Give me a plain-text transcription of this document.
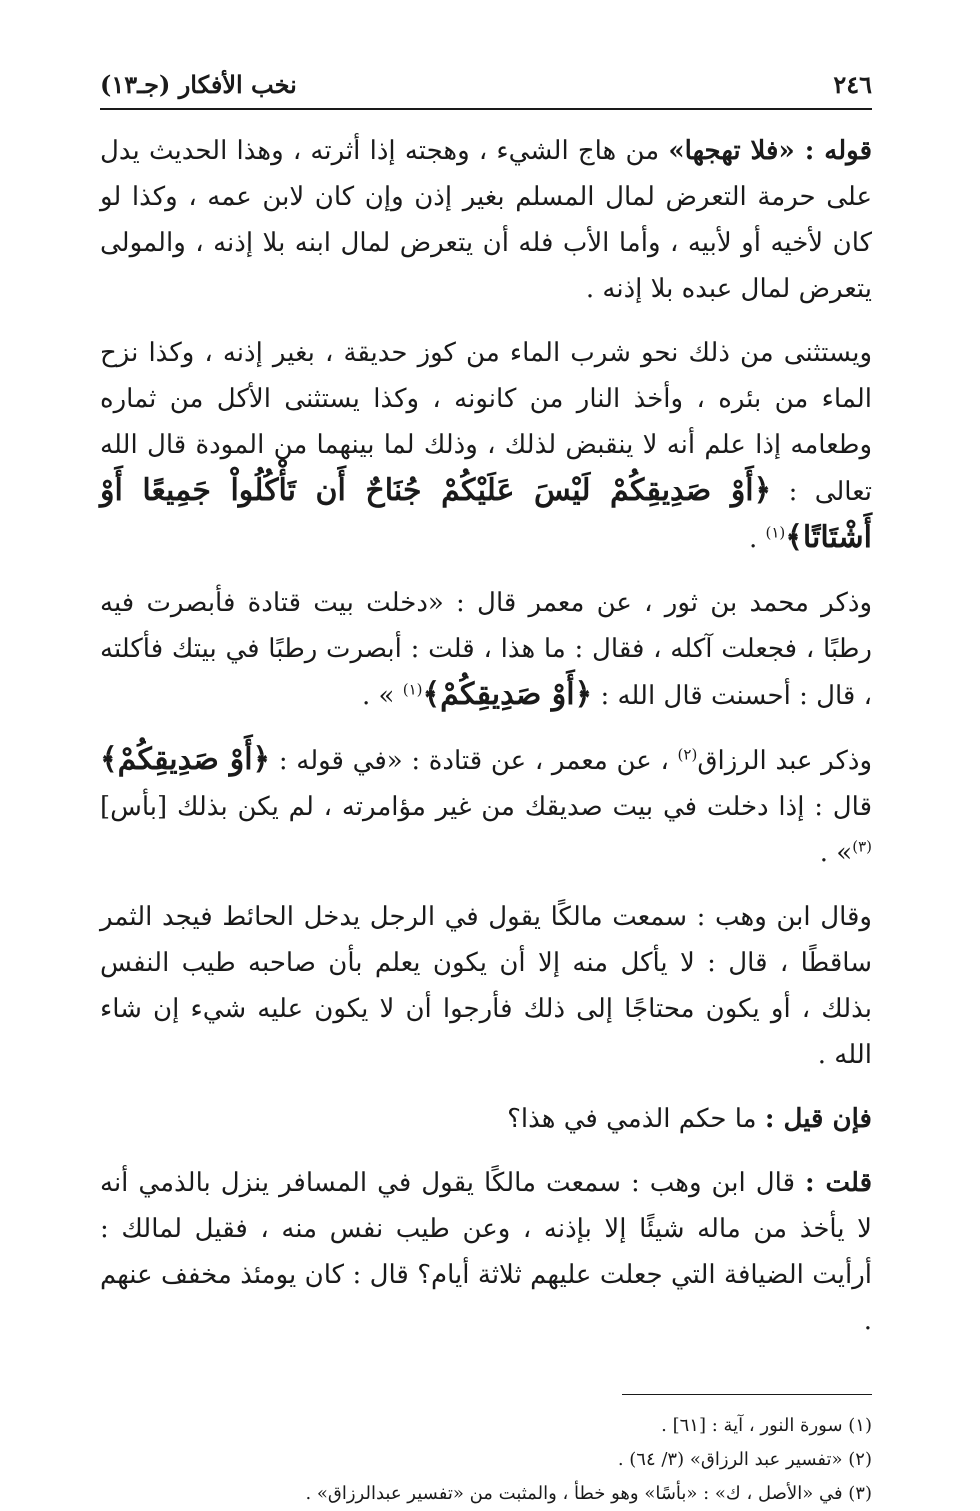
٢٤٦
نخب الأفكار (جـ١٣)

قوله : «فلا تهجها» من هاج الشيء ، وهجته إذا أثرته ، وهذا الحديث يدل على حرمة التعرض لمال المسلم بغير إذن وإن كان لابن عمه ، وكذا لو كان لأخيه أو لأبيه ، وأما الأب فله أن يتعرض لمال ابنه بلا إذنه ، والمولى يتعرض لمال عبده بلا إذنه .

ويستثنى من ذلك نحو شرب الماء من كوز حديقة ، بغير إذنه ، وكذا نزح الماء من بئره ، وأخذ النار من كانونه ، وكذا يستثنى الأكل من ثماره وطعامه إذا علم أنه لا ينقبض لذلك ، وذلك لما بينهما من المودة قال الله تعالى : ﴿أَوْ صَدِيقِكُمْ لَيْسَ عَلَيْكُمْ جُنَاحٌ أَن تَأْكُلُواْ جَمِيعًا أَوْ أَشْتَاتًا﴾$^{(١)}$ .

وذكر محمد بن ثور ، عن معمر قال : «دخلت بيت قتادة فأبصرت فيه رطبًا ، فجعلت آكله ، فقال : ما هذا ، قلت : أبصرت رطبًا في بيتك فأكلته ، قال : أحسنت قال الله : ﴿أَوْ صَدِيقِكُمْ﴾$^{(١)}$ » .

وذكر عبد الرزاق$^{(٢)}$ ، عن معمر ، عن قتادة : «في قوله : ﴿أَوْ صَدِيقِكُمْ﴾ قال : إذا دخلت في بيت صديقك من غير مؤامرته ، لم يكن بذلك [بأس]$^{(٣)}$» .

وقال ابن وهب : سمعت مالكًا يقول في الرجل يدخل الحائط فيجد الثمر ساقطًا ، قال : لا يأكل منه إلا أن يكون يعلم بأن صاحبه طيب النفس بذلك ، أو يكون محتاجًا إلى ذلك فأرجوا أن لا يكون عليه شيء إن شاء الله .

فإن قيل : ما حكم الذمي في هذا؟

قلت : قال ابن وهب : سمعت مالكًا يقول في المسافر ينزل بالذمي أنه لا يأخذ من ماله شيئًا إلا بإذنه ، وعن طيب نفس منه ، فقيل لمالك : أرأيت الضيافة التي جعلت عليهم ثلاثة أيام؟ قال : كان يومئذ مخفف عنهم .

(١) سورة النور ، آية : [٦١] .
(٢) «تفسير عبد الرزاق» (٣/ ٦٤) .
(٣) في «الأصل ، ك» : «بأسًا» وهو خطأ ، والمثبت من «تفسير عبدالرزاق» .
